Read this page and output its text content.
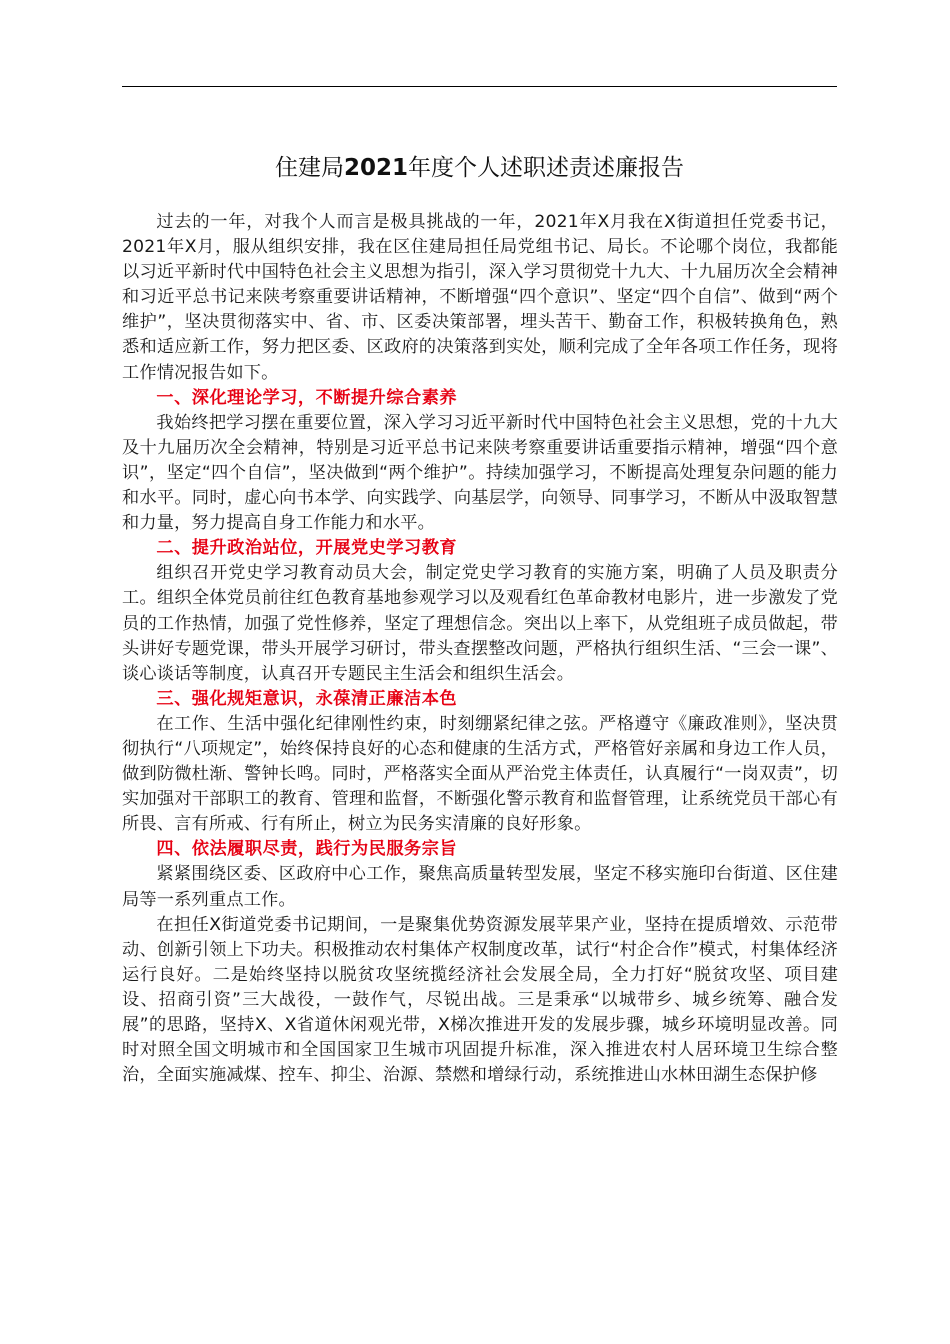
住建局2021年度个人述职述责述廉报告

过去的一年，对我个人而言是极具挑战的一年，2021年X月我在X街道担任党委书记，2021年X月，服从组织安排，我在区住建局担任局党组书记、局长。不论哪个岗位，我都能以习近平新时代中国特色社会主义思想为指引，深入学习贯彻党十九大、十九届历次全会精神和习近平总书记来陕考察重要讲话精神，不断增强“四个意识”、坚定“四个自信”、做到“两个维护”，坚决贯彻落实中、省、市、区委决策部署，埋头苦干、勤奋工作，积极转换角色，熟悉和适应新工作，努力把区委、区政府的决策落到实处，顺利完成了全年各项工作任务，现将工作情况报告如下。

一、深化理论学习，不断提升综合素养

我始终把学习摆在重要位置，深入学习习近平新时代中国特色社会主义思想，党的十九大及十九届历次全会精神，特别是习近平总书记来陕考察重要讲话重要指示精神，增强“四个意识”，坚定“四个自信”，坚决做到“两个维护”。持续加强学习，不断提高处理复杂问题的能力和水平。同时，虚心向书本学、向实践学、向基层学，向领导、同事学习，不断从中汲取智慧和力量，努力提高自身工作能力和水平。

二、提升政治站位，开展党史学习教育

组织召开党史学习教育动员大会，制定党史学习教育的实施方案，明确了人员及职责分工。组织全体党员前往红色教育基地参观学习以及观看红色革命教材电影片，进一步激发了党员的工作热情，加强了党性修养，坚定了理想信念。突出以上率下，从党组班子成员做起，带头讲好专题党课，带头开展学习研讨，带头查摆整改问题，严格执行组织生活、“三会一课”、谈心谈话等制度，认真召开专题民主生活会和组织生活会。

三、强化规矩意识，永葆清正廉洁本色

在工作、生活中强化纪律刚性约束，时刻绷紧纪律之弦。严格遵守《廉政准则》，坚决贯彻执行“八项规定”，始终保持良好的心态和健康的生活方式，严格管好亲属和身边工作人员，做到防微杜渐、警钟长鸣。同时，严格落实全面从严治党主体责任，认真履行“一岗双责”，切实加强对干部职工的教育、管理和监督，不断强化警示教育和监督管理，让系统党员干部心有所畏、言有所戒、行有所止，树立为民务实清廉的良好形象。

四、依法履职尽责，践行为民服务宗旨

紧紧围绕区委、区政府中心工作，聚焦高质量转型发展，坚定不移实施印台街道、区住建局等一系列重点工作。

在担任X街道党委书记期间，一是聚集优势资源发展苹果产业，坚持在提质增效、示范带动、创新引领上下功夫。积极推动农村集体产权制度改革，试行“村企合作”模式，村集体经济运行良好。二是始终坚持以脱贫攻坚统揽经济社会发展全局，全力打好“脱贫攻坚、项目建设、招商引资”三大战役，一鼓作气，尽锐出战。三是秉承“以城带乡、城乡统筹、融合发展”的思路，坚持X、X省道休闲观光带，X梯次推进开发的发展步骤，城乡环境明显改善。同时对照全国文明城市和全国国家卫生城市巩固提升标准，深入推进农村人居环境卫生综合整治，全面实施减煤、控车、抑尘、治源、禁燃和增绿行动，系统推进山水林田湖生态保护修
